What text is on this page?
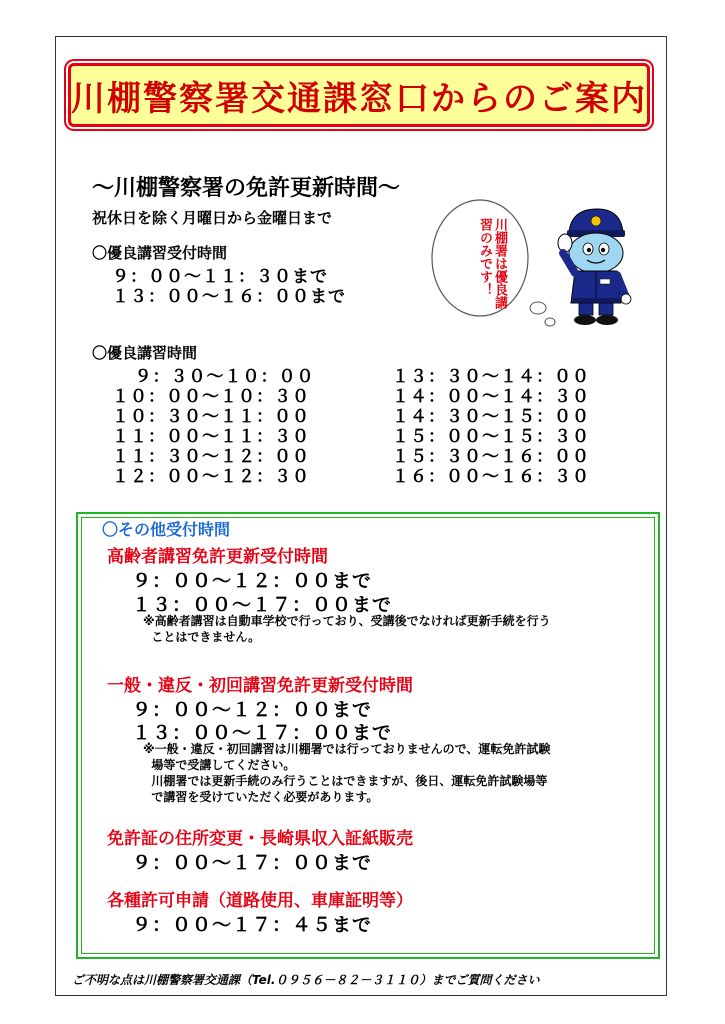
川棚警察署交通課窓口からのご案内
～川棚警察署の免許更新時間～
祝休日を除く月曜日から金曜日まで
〇優良講習受付時間
９：００～１１：３０まで
１３：００～１６：００まで
〇優良講習時間
９：３０～１０：００
１０：００～１０：３０
１０：３０～１１：００
１１：００～１１：３０
１１：３０～１２：００
１２：００～１２：３０
１３：３０～１４：００
１４：００～１４：３０
１４：３０～１５：００
１５：００～１５：３０
１５：３０～１６：００
１６：００～１６：３０
川棚署は優良講習のみです！
〇その他受付時間
高齢者講習免許更新受付時間
９：００～１２：００まで
１３：００～１７：００まで
※高齢者講習は自動車学校で行っており、受講後でなければ更新手続を行う
ことはできません。
一般・違反・初回講習免許更新受付時間
９：００～１２：００まで
１３：００～１７：００まで
※一般・違反・初回講習は川棚署では行っておりませんので、運転免許試験
場等で受講してください。
川棚署では更新手続のみ行うことはできますが、後日、運転免許試験場等
で講習を受けていただく必要があります。
免許証の住所変更・長崎県収入証紙販売
９：００～１７：００まで
各種許可申請（道路使用、車庫証明等）
９：００～１７：４５まで
ご不明な点は川棚警察署交通課（Tel.０９５６－８２－３１１０）までご質問ください
